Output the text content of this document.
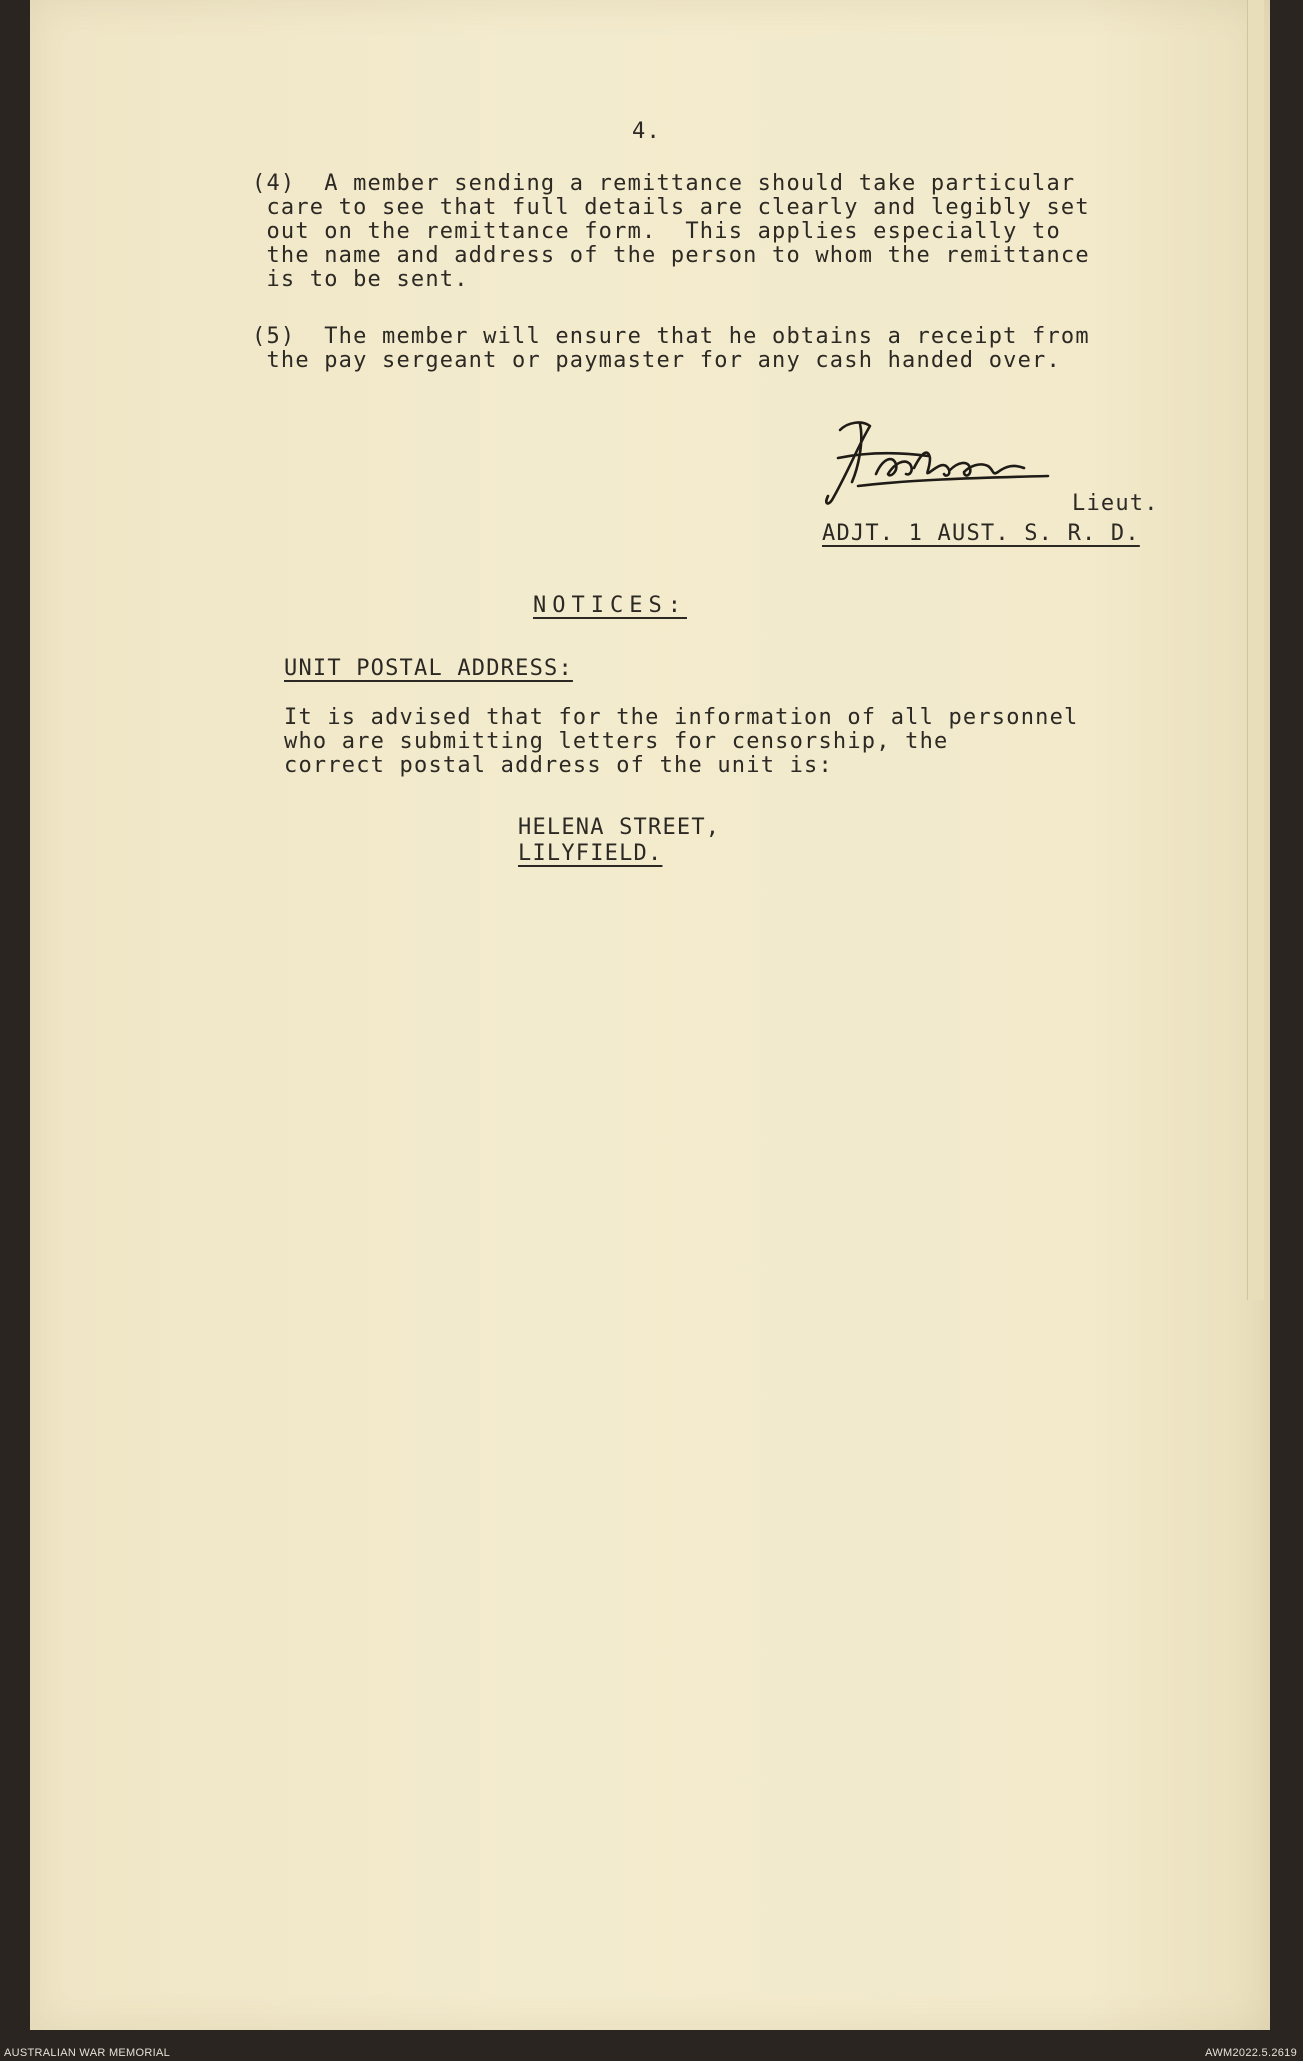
4.
(4)  A member sending a remittance should take particular
care to see that full details are clearly and legibly set
out on the remittance form.  This applies especially to
the name and address of the person to whom the remittance
is to be sent.
(5)  The member will ensure that he obtains a receipt from
the pay sergeant or paymaster for any cash handed over.
Lieut.
ADJT. 1 AUST. S. R. D.
NOTICES:
UNIT POSTAL ADDRESS:
It is advised that for the information of all personnel
who are submitting letters for censorship, the
correct postal address of the unit is:
HELENA STREET,
LILYFIELD.
AUSTRALIAN WAR MEMORIAL	AWM2022.5.2619
